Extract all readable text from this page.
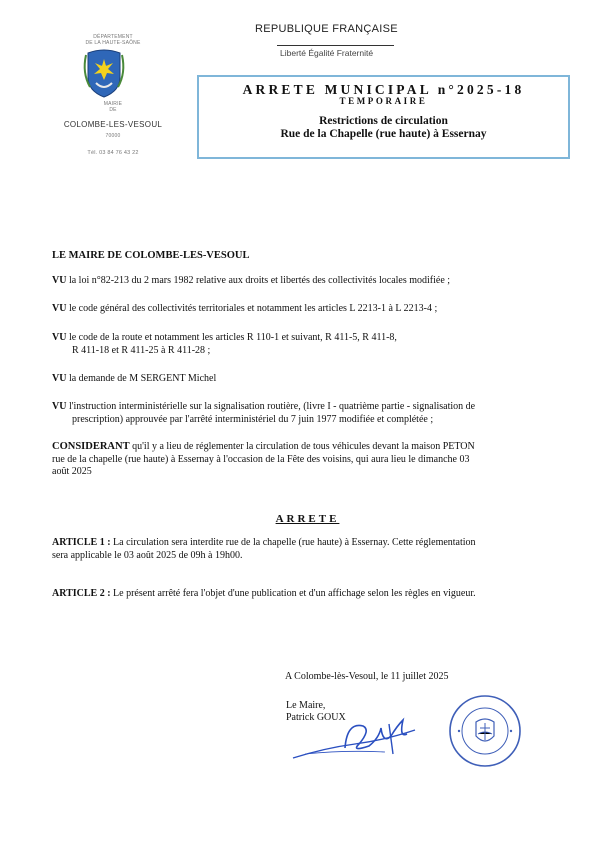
DÉPARTEMENT
DE LA HAUTE-SAÔNE
MAIRIE
DE
COLOMBE-LES-VESOUL
70000
Tél. 03 84 76 43 22
REPUBLIQUE FRANÇAISE
Liberté Égalité Fraternité
ARRETE MUNICIPAL n°2025-18
TEMPORAIRE
Restrictions de circulation
Rue de la Chapelle (rue haute) à Essernay
LE MAIRE DE COLOMBE-LES-VESOUL
VU la loi n°82-213 du 2 mars 1982 relative aux droits et libertés des collectivités locales modifiée ;
VU le code général des collectivités territoriales et notamment les articles L 2213-1 à L 2213-4 ;
VU le code de la route et notamment les articles R 110-1 et suivant, R 411-5, R 411-8,
R 411-18 et R 411-25 à R 411-28 ;
VU la demande de M SERGENT Michel
VU l'instruction interministérielle sur la signalisation routière, (livre I - quatrième partie - signalisation de
prescription) approuvée par l'arrêté interministériel du 7 juin 1977 modifiée et complétée ;
CONSIDERANT qu'il y a lieu de réglementer la circulation de tous véhicules devant la maison PETON
rue de la chapelle (rue haute) à Essernay à l'occasion de la Fête des voisins, qui aura lieu le dimanche 03
août 2025
ARRETE
ARTICLE 1 : La circulation sera interdite rue de la chapelle (rue haute) à Essernay. Cette réglementation
sera applicable le 03 août 2025 de 09h à 19h00.
ARTICLE 2 : Le présent arrêté fera l'objet d'une publication et d'un affichage selon les règles en vigueur.
A Colombe-lès-Vesoul, le 11 juillet 2025
Le Maire,
Patrick GOUX
